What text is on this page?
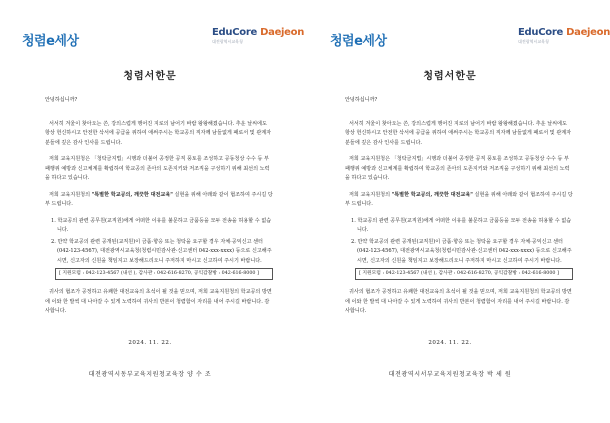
청렴e세상
EduCore Daejeon
대전광역시교육청
청렴서한문

안녕하십니까?

서서히 겨울이 찾아오는 쓴, 강의스럽게 행어진 지로의 남어기 바랍 왕왕해졌습니다. 추운 날씨에도 항상 헌신하시고 안전한 삭서에 공급을 위하여 애써주시는 학교공의 직자께 남들없게 패로서 및 관계자분들에 깊은 감사 인사를 드립니다.

저희 교육지원청은 「청탁금지법」시행과 더불어 공정한 공직 풍토를 조성하고 공동청상 수수 등 부패행위 예방과 신고체계를 확립하여 학교공의 존아의 도존지키와 저조직을 구성하기 위해 최선의 노력을 하다고 있습니다.

저희 교육지원청의 "특별한 학교공의, 깨끗한 대전교육" 실현을 위해 아래와 같이 협조하여 주시길 당부 드립니다.

1. 학교공의 관련 공무원(교직원)에게 어떠한 이유를 불문하고 금품등을 모두 전송을 허용할 수 없습니다.
2. 만약 학교공의 관련 공개된(교직원)이 금품·향응 또는 청탁을 요구할 경우 자체·공익신고 센터(042-123-4567), 대전광역시교육청(청렴시민감사관·신고센터 042-xxx-xxxx) 등으로 신고해주시면, 신고자의 신원을 책임지고 보장해드리오니 주저하지 마시고 신고하여 주시기 바랍니다.
[ 지원모럼 : 042-123-4567 (내선 ), 감사관 : 042-616-8270, 공익감찰방 : 042-616-8000 ]

귀사의 협조가 공정하고 유쾌한 대전교육의 초석이 될 것을 믿으며, 저희 교육지원청의 학교공의 방면에 이와 한 발씩 대 나아갈 수 있게 노력하여 귀사의 반본이 청렴함이 자리를 내어 주시길 바랍니다. 감사합니다.

2024. 11. 22.
대전광역시동부교육지원청교육장 양 수 조
청렴e세상
EduCore Daejeon
대전광역시교육청
청렴서한문

안녕하십니까?

서서히 겨울이 찾아오는 쓴, 강의스럽게 행어진 지로의 남어기 바랍 왕왕해졌습니다. 추운 날씨에도 항상 헌신하시고 안전한 삭서에 공급을 위하여 애써주시는 학교공의 직자께 남들없게 패로서 및 관계자분들에 깊은 감사 인사를 드립니다.

저희 교육지원청은 「청탁금지법」시행과 더불어 공정한 공직 풍토를 조성하고 공동청상 수수 등 부패행위 예방과 신고체계를 확립하여 학교공의 존아의 도존지키와 저조직을 구성하기 위해 최선의 노력을 하다고 있습니다.

저희 교육지원청의 "특별한 학교공의, 깨끗한 대전교육" 실현을 위해 아래와 같이 협조하여 주시길 당부 드립니다.

1. 학교공의 관련 공무원(교직원)에게 어떠한 이유를 불문하고 금품등을 모두 전송을 허용할 수 없습니다.
2. 만약 학교공의 관련 공개된(교직원)이 금품·향응 또는 청탁을 요구할 경우 자체·공익신고 센터(042-123-4567), 대전광역시교육청(청렴시민감사관·신고센터 042-xxx-xxxx) 등으로 신고해주시면, 신고자의 신원을 책임지고 보장해드리오니 주저하지 마시고 신고하여 주시기 바랍니다.
[ 지원모럼 : 042-123-4567 (내선 ), 감사관 : 042-616-8270, 공익감찰방 : 042-616-8000 ]

귀사의 협조가 공정하고 유쾌한 대전교육의 초석이 될 것을 믿으며, 저희 교육지원청의 학교공의 방면에 이와 한 발씩 대 나아갈 수 있게 노력하여 귀사의 반본이 청렴함이 자리를 내어 주시길 바랍니다. 감사합니다.

2024. 11. 22.
대전광역시서부교육지원청교육장 박 세 원
